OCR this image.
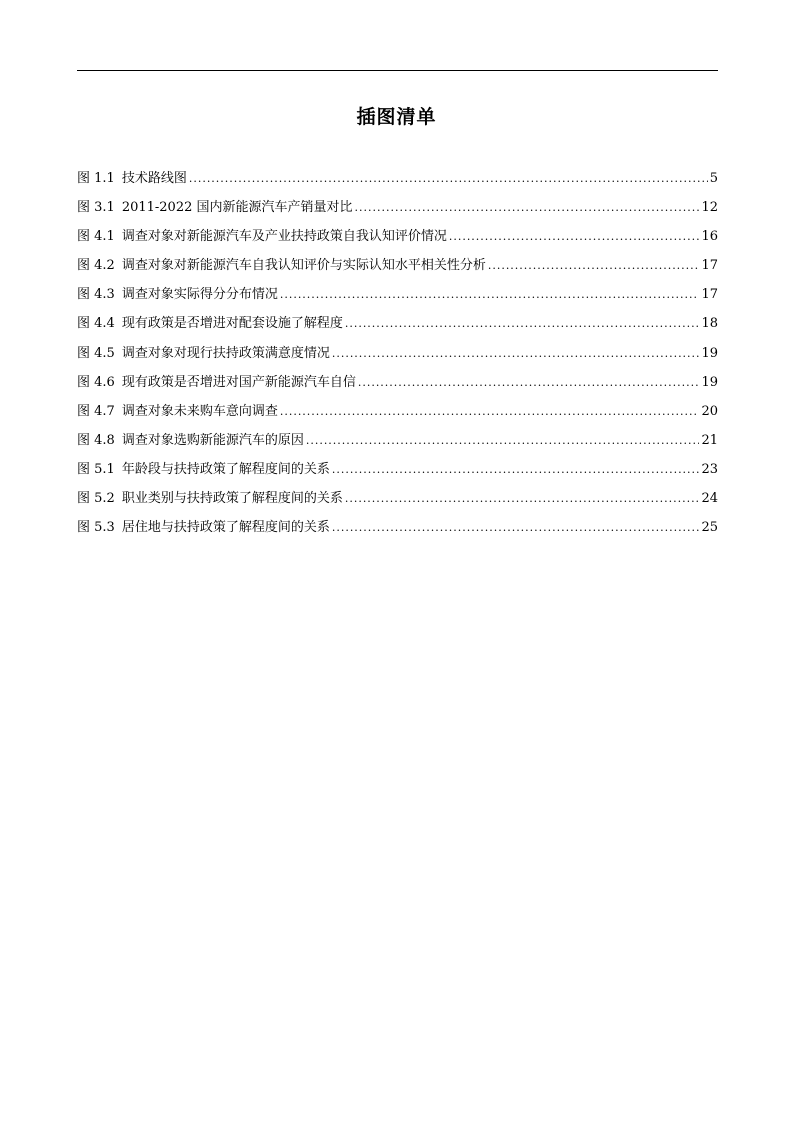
插图清单
图 1.1 技术路线图 .....	5
图 3.1 2011-2022 国内新能源汽车产销量对比 .....	12
图 4.1 调查对象对新能源汽车及产业扶持政策自我认知评价情况 .....	16
图 4.2 调查对象对新能源汽车自我认知评价与实际认知水平相关性分析 .....	17
图 4.3 调查对象实际得分分布情况 .....	17
图 4.4 现有政策是否增进对配套设施了解程度 .....	18
图 4.5 调查对象对现行扶持政策满意度情况 .....	19
图 4.6 现有政策是否增进对国产新能源汽车自信 .....	19
图 4.7 调查对象未来购车意向调查 .....	20
图 4.8 调查对象选购新能源汽车的原因 .....	21
图 5.1 年龄段与扶持政策了解程度间的关系 .....	23
图 5.2 职业类别与扶持政策了解程度间的关系 .....	24
图 5.3 居住地与扶持政策了解程度间的关系 .....	25
